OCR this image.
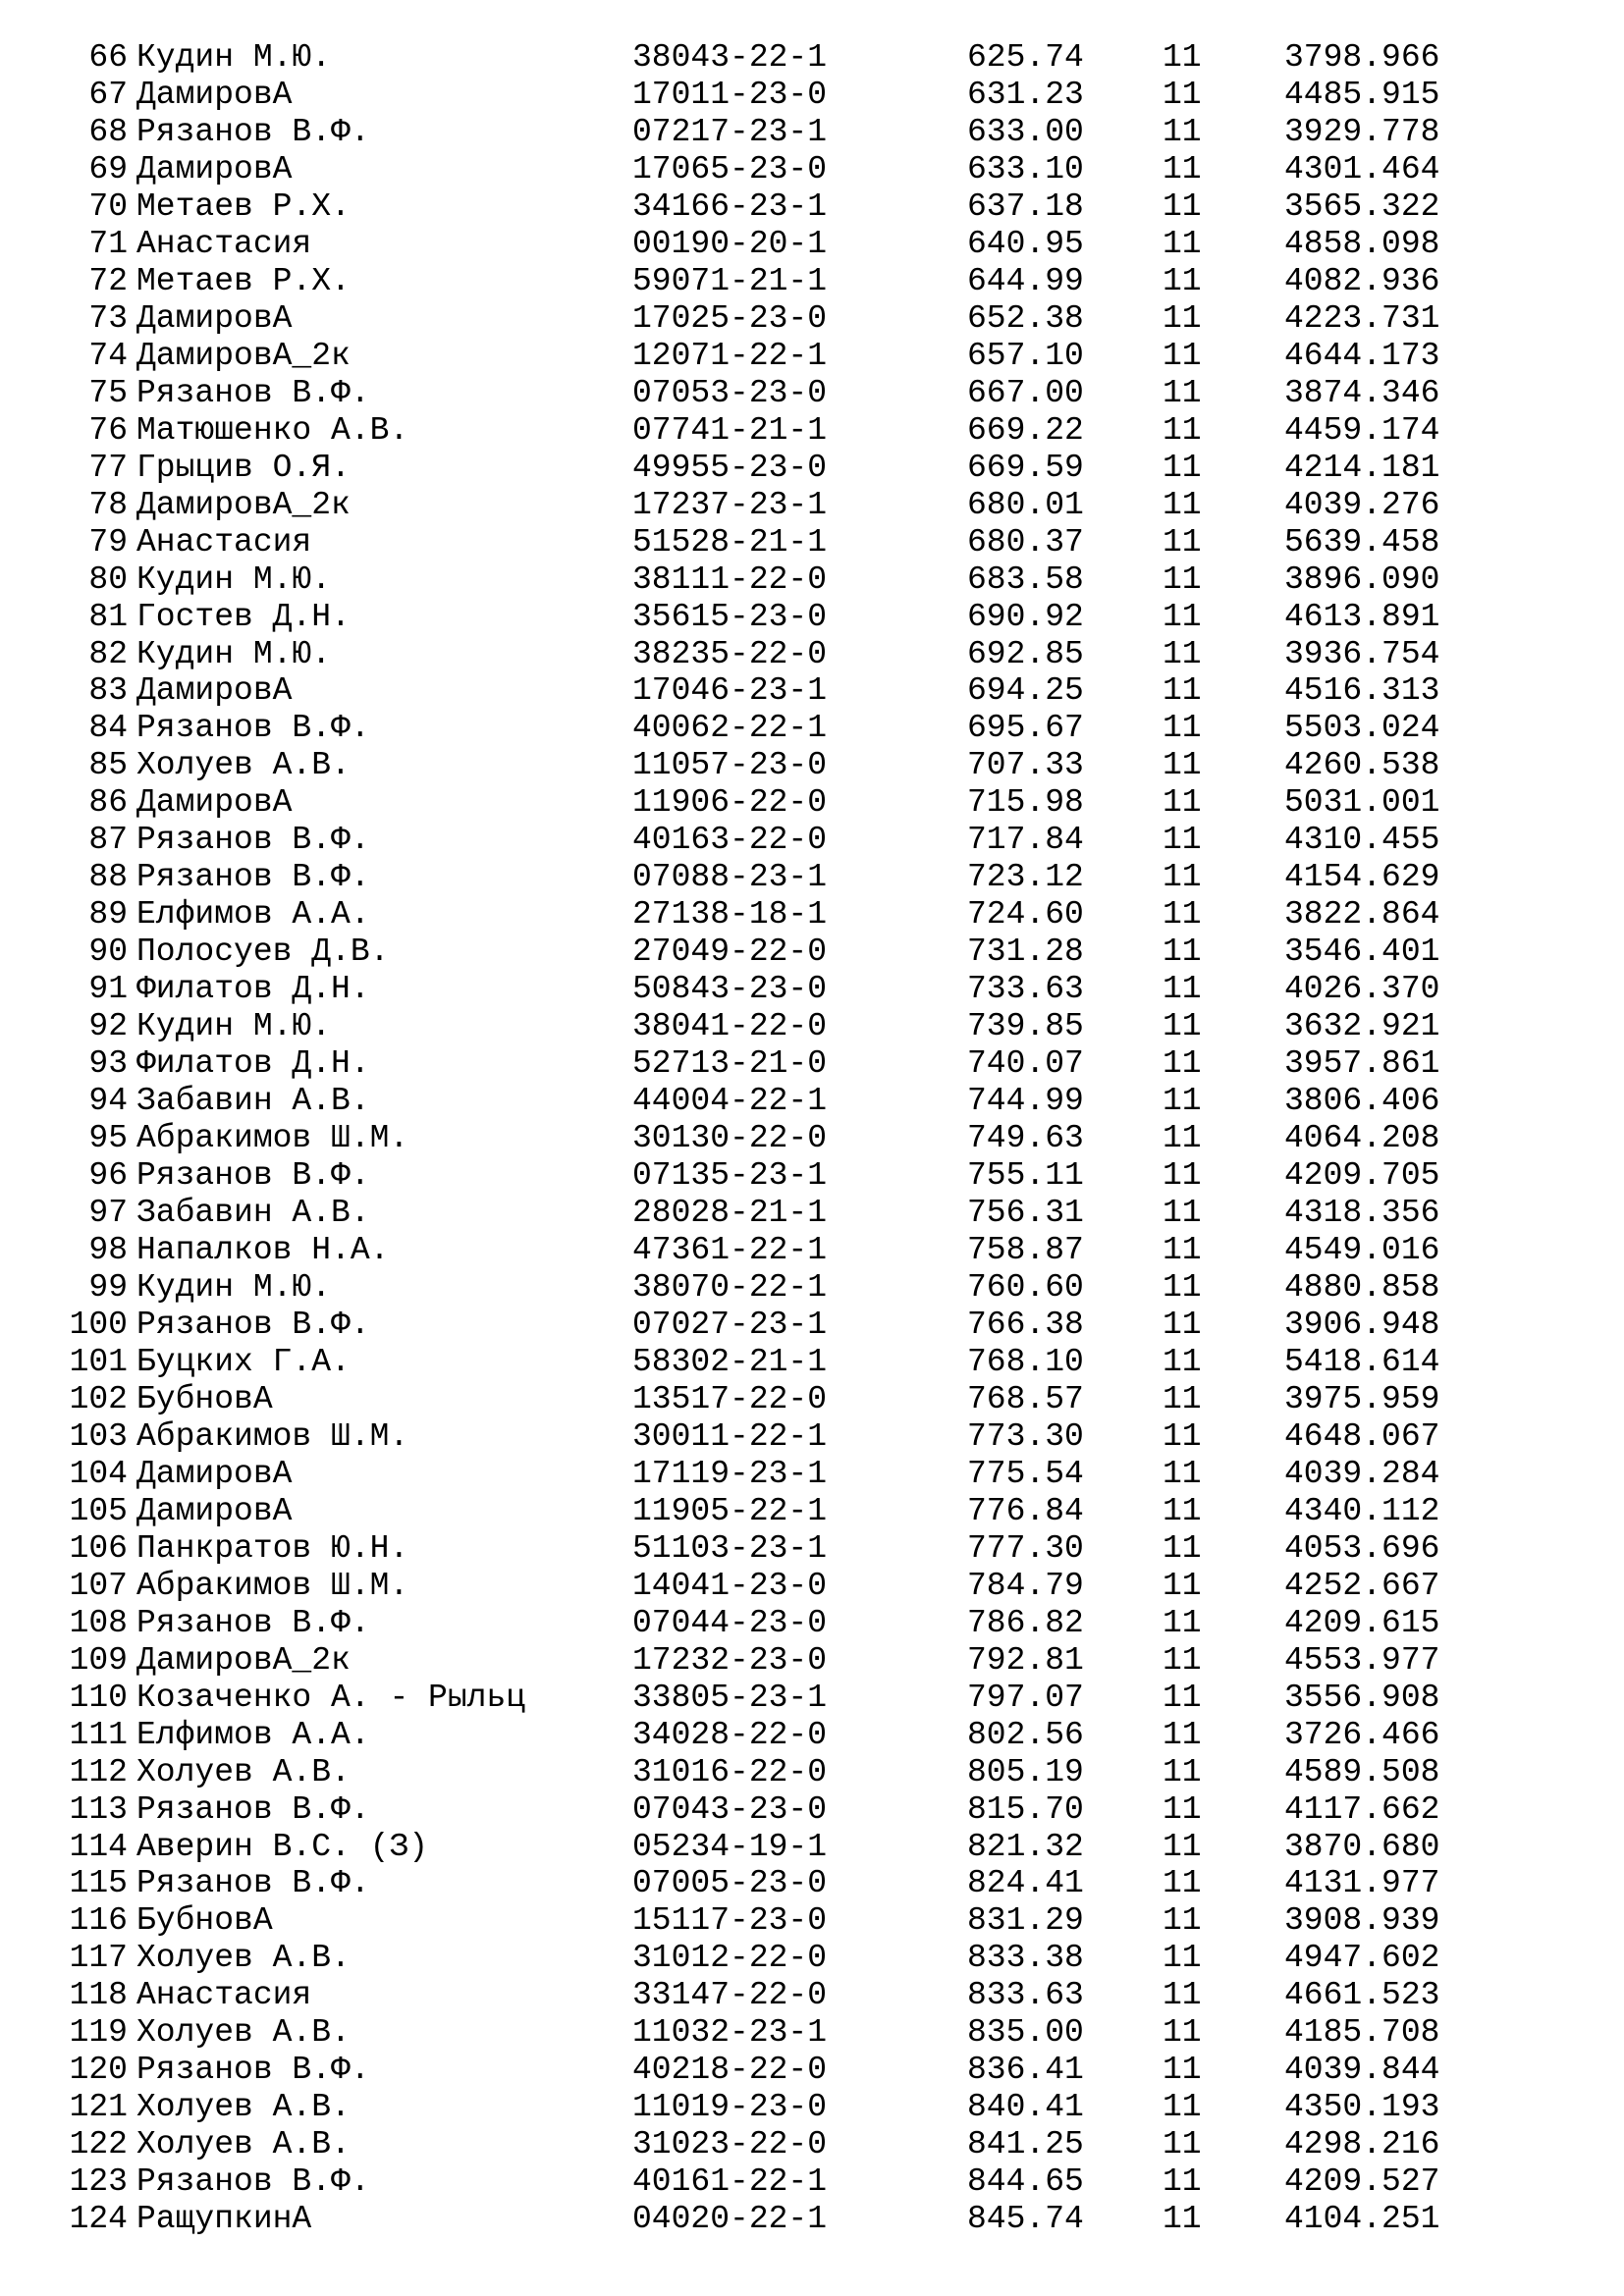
66 Кудин М.Ю.	38043-22-1	625.74 11	3798.966
67 ДамировА	17011-23-0	631.23 11	4485.915
68 Рязанов В.Ф.	07217-23-1	633.00 11	3929.778
69 ДамировА	17065-23-0	633.10 11	4301.464
70 Метаев Р.Х.	34166-23-1	637.18 11	3565.322
71 Анастасия	00190-20-1	640.95 11	4858.098
72 Метаев Р.Х.	59071-21-1	644.99 11	4082.936
73 ДамировА	17025-23-0	652.38 11	4223.731
74 ДамировА_2к	12071-22-1	657.10 11	4644.173
75 Рязанов В.Ф.	07053-23-0	667.00 11	3874.346
76 Матюшенко А.В.	07741-21-1	669.22 11	4459.174
77 Грыцив О.Я.	49955-23-0	669.59 11	4214.181
78 ДамировА_2к	17237-23-1	680.01 11	4039.276
79 Анастасия	51528-21-1	680.37 11	5639.458
80 Кудин М.Ю.	38111-22-0	683.58 11	3896.090
81 Гостев Д.Н.	35615-23-0	690.92 11	4613.891
82 Кудин М.Ю.	38235-22-0	692.85 11	3936.754
83 ДамировА	17046-23-1	694.25 11	4516.313
84 Рязанов В.Ф.	40062-22-1	695.67 11	5503.024
85 Холуев А.В.	11057-23-0	707.33 11	4260.538
86 ДамировА	11906-22-0	715.98 11	5031.001
87 Рязанов В.Ф.	40163-22-0	717.84 11	4310.455
88 Рязанов В.Ф.	07088-23-1	723.12 11	4154.629
89 Елфимов А.А.	27138-18-1	724.60 11	3822.864
90 Полосуев Д.В.	27049-22-0	731.28 11	3546.401
91 Филатов Д.Н.	50843-23-0	733.63 11	4026.370
92 Кудин М.Ю.	38041-22-0	739.85 11	3632.921
93 Филатов Д.Н.	52713-21-0	740.07 11	3957.861
94 Забавин А.В.	44004-22-1	744.99 11	3806.406
95 Абракимов Ш.М.	30130-22-0	749.63 11	4064.208
96 Рязанов В.Ф.	07135-23-1	755.11 11	4209.705
97 Забавин А.В.	28028-21-1	756.31 11	4318.356
98 Напалков Н.А.	47361-22-1	758.87 11	4549.016
99 Кудин М.Ю.	38070-22-1	760.60 11	4880.858
100 Рязанов В.Ф.	07027-23-1	766.38 11	3906.948
101 Буцких Г.А.	58302-21-1	768.10 11	5418.614
102 БубновА	13517-22-0	768.57 11	3975.959
103 Абракимов Ш.М.	30011-22-1	773.30 11	4648.067
104 ДамировА	17119-23-1	775.54 11	4039.284
105 ДамировА	11905-22-1	776.84 11	4340.112
106 Панкратов Ю.Н.	51103-23-1	777.30 11	4053.696
107 Абракимов Ш.М.	14041-23-0	784.79 11	4252.667
108 Рязанов В.Ф.	07044-23-0	786.82 11	4209.615
109 ДамировА_2к	17232-23-0	792.81 11	4553.977
110 Козаченко А. - Рыльц	33805-23-1	797.07 11	3556.908
111 Елфимов А.А.	34028-22-0	802.56 11	3726.466
112 Холуев А.В.	31016-22-0	805.19 11	4589.508
113 Рязанов В.Ф.	07043-23-0	815.70 11	4117.662
114 Аверин В.С. (З)	05234-19-1	821.32 11	3870.680
115 Рязанов В.Ф.	07005-23-0	824.41 11	4131.977
116 БубновА	15117-23-0	831.29 11	3908.939
117 Холуев А.В.	31012-22-0	833.38 11	4947.602
118 Анастасия	33147-22-0	833.63 11	4661.523
119 Холуев А.В.	11032-23-1	835.00 11	4185.708
120 Рязанов В.Ф.	40218-22-0	836.41 11	4039.844
121 Холуев А.В.	11019-23-0	840.41 11	4350.193
122 Холуев А.В.	31023-22-0	841.25 11	4298.216
123 Рязанов В.Ф.	40161-22-1	844.65 11	4209.527
124 РащупкинА	04020-22-1	845.74 11	4104.251
